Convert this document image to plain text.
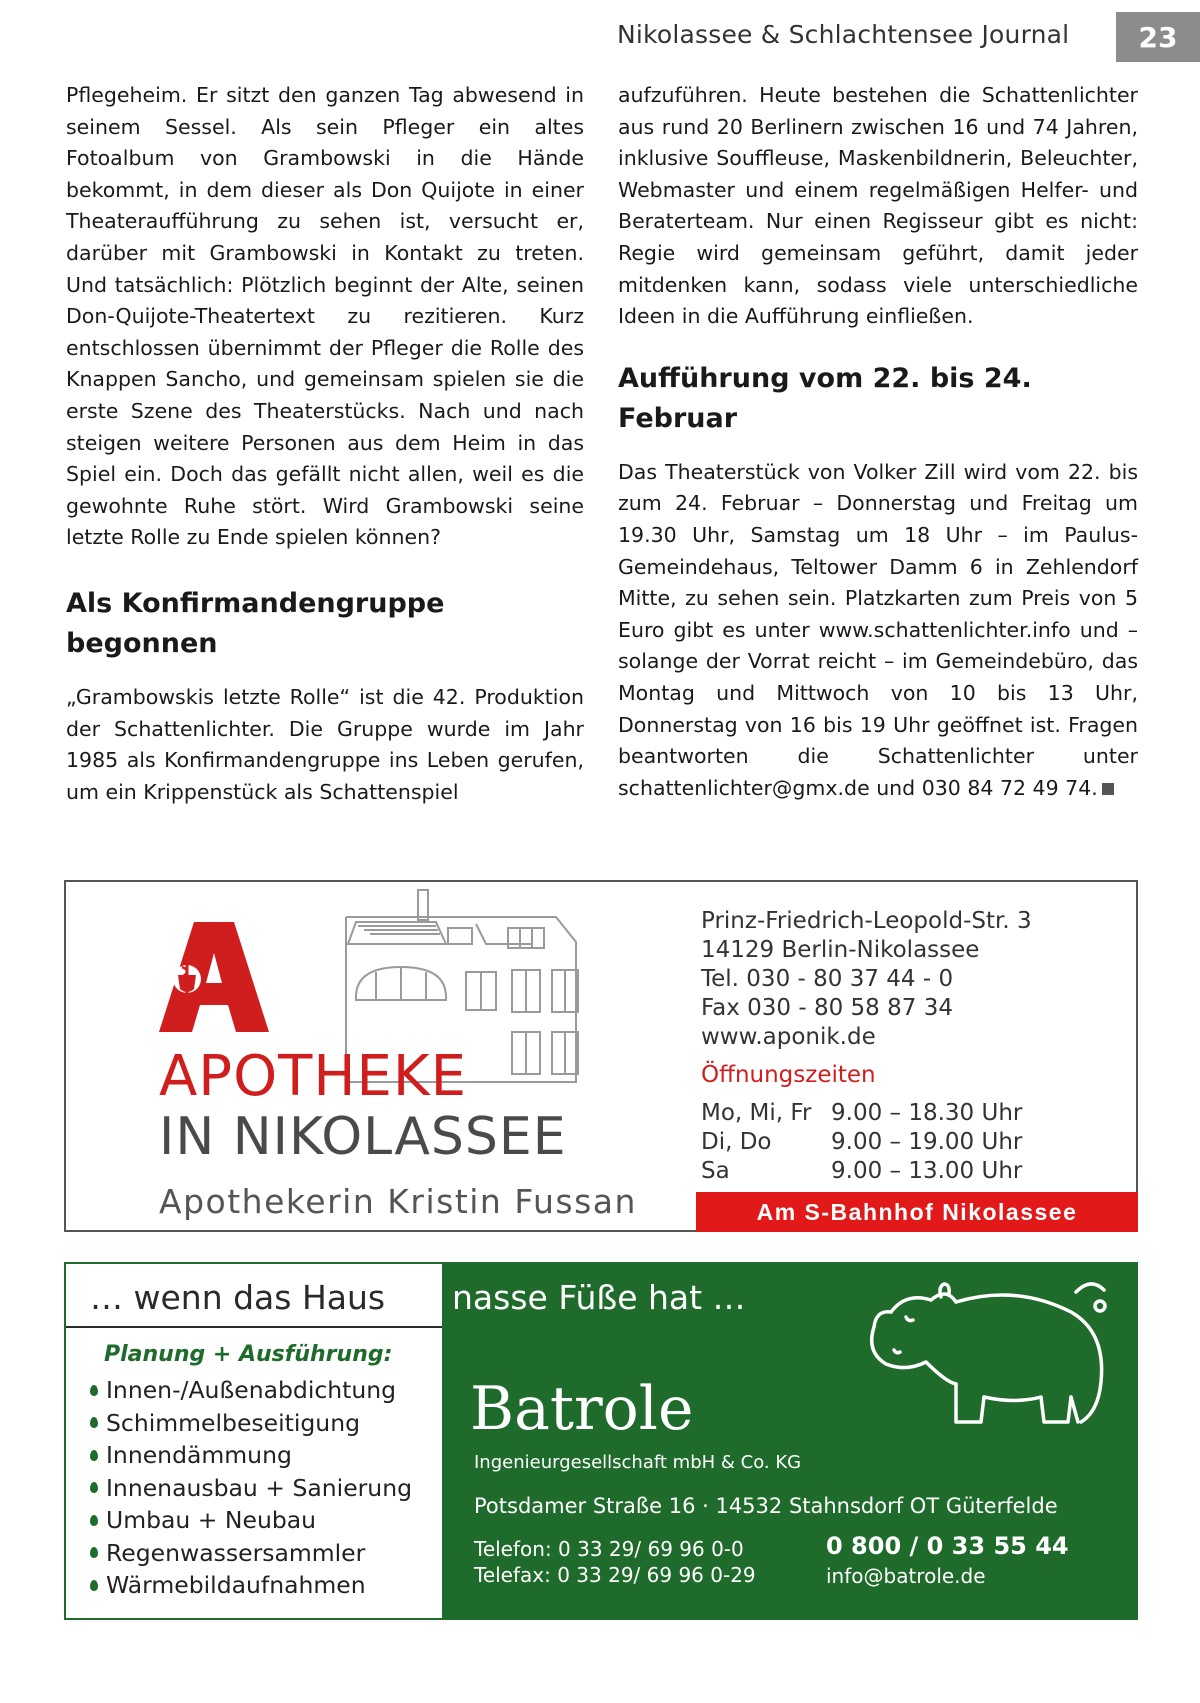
Nikolassee & Schlachtensee Journal	23

Pflegeheim. Er sitzt den ganzen Tag abwesend in seinem Sessel. Als sein Pfleger ein altes Fotoalbum von Grambowski in die Hände bekommt, in dem dieser als Don Quijote in einer Theateraufführung zu sehen ist, versucht er, darüber mit Grambowski in Kontakt zu treten. Und tatsächlich: Plötzlich beginnt der Alte, seinen Don-Quijote-Theatertext zu rezitieren. Kurz entschlossen übernimmt der Pfleger die Rolle des Knappen Sancho, und gemeinsam spielen sie die erste Szene des Theaterstücks. Nach und nach steigen weitere Personen aus dem Heim in das Spiel ein. Doch das gefällt nicht allen, weil es die gewohnte Ruhe stört. Wird Grambowski seine letzte Rolle zu Ende spielen können?

Als Konfirmandengruppe begonnen

„Grambowskis letzte Rolle“ ist die 42. Produktion der Schattenlichter. Die Gruppe wurde im Jahr 1985 als Konfirmandengruppe ins Leben gerufen, um ein Krippenstück als Schattenspiel

aufzuführen. Heute bestehen die Schattenlichter aus rund 20 Berlinern zwischen 16 und 74 Jahren, inklusive Souffleuse, Maskenbildnerin, Beleuchter, Webmaster und einem regelmäßigen Helfer- und Beraterteam. Nur einen Regisseur gibt es nicht: Regie wird gemeinsam geführt, damit jeder mitdenken kann, sodass viele unterschiedliche Ideen in die Aufführung einfließen.

Aufführung vom 22. bis 24. Februar

Das Theaterstück von Volker Zill wird vom 22. bis zum 24. Februar – Donnerstag und Freitag um 19.30 Uhr, Samstag um 18 Uhr – im Paulus-Gemeindehaus, Teltower Damm 6 in Zehlendorf Mitte, zu sehen sein. Platzkarten zum Preis von 5 Euro gibt es unter www.schattenlichter.info und – solange der Vorrat reicht – im Gemeindebüro, das Montag und Mittwoch von 10 bis 13 Uhr, Donnerstag von 16 bis 19 Uhr geöffnet ist. Fragen beantworten die Schattenlichter unter schattenlichter@gmx.de und 030 84 72 49 74.

A
APOTHEKE
IN NIKOLASSEE
Apothekerin Kristin Fussan
Prinz-Friedrich-Leopold-Str. 3
14129 Berlin-Nikolassee
Tel. 030 - 80 37 44 - 0
Fax 030 - 80 58 87 34
www.aponik.de
Öffnungszeiten
Mo, Mi, Fr 9.00 – 18.30 Uhr
Di, Do	9.00 – 19.00 Uhr
Sa	9.00 – 13.00 Uhr
Am S-Bahnhof Nikolassee
… wenn das Haus nasse Füße hat …
Planung + Ausführung:
Innen-/Außenabdichtung
Schimmelbeseitigung
Innendämmung
Innenausbau + Sanierung
Umbau + Neubau
Regenwassersammler
Wärmebildaufnahmen
Batrole
Ingenieurgesellschaft mbH & Co. KG
Potsdamer Straße 16 · 14532 Stahnsdorf OT Güterfelde
Telefon: 0 33 29/ 69 96 0-0
Telefax: 0 33 29/ 69 96 0-29
0 800 / 0 33 55 44
info@batrole.de
